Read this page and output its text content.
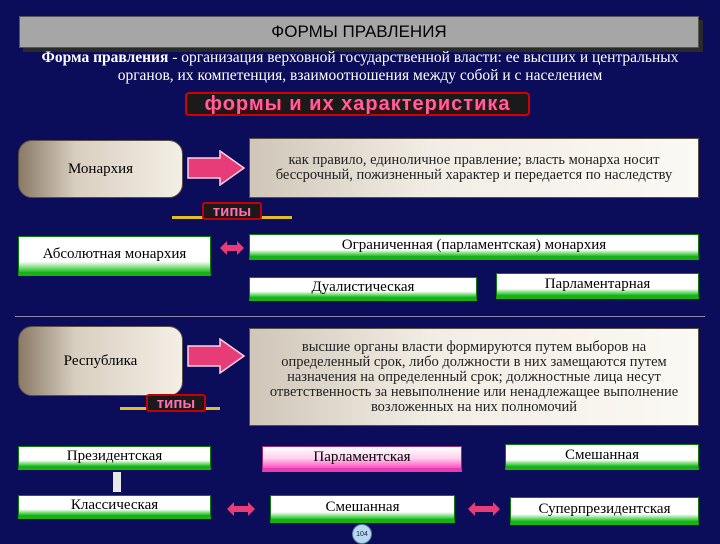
ФОРМЫ ПРАВЛЕНИЯ
Форма правления - организация верховной государственной власти: ее высших и центральных органов, их компетенция, взаимоотношения между собой и с населением
формы и их характеристика
Монархия
как правило, единоличное правление; власть монарха носит бессрочный, пожизненный характер и передается по наследству
типы
Абсолютная монархия
Ограниченная (парламентская) монархия
Дуалистическая	Парламентарная
Республика
высшие органы власти формируются путем выборов на определенный срок, либо должности в них замещаются путем назначения на определенный срок; должностные лица несут ответственность за невыполнение или ненадлежащее выполнение возложенных на них полномочий
типы
Президентская	Парламентская	Смешанная
Классическая	Смешанная	Суперпрезидентская
104
